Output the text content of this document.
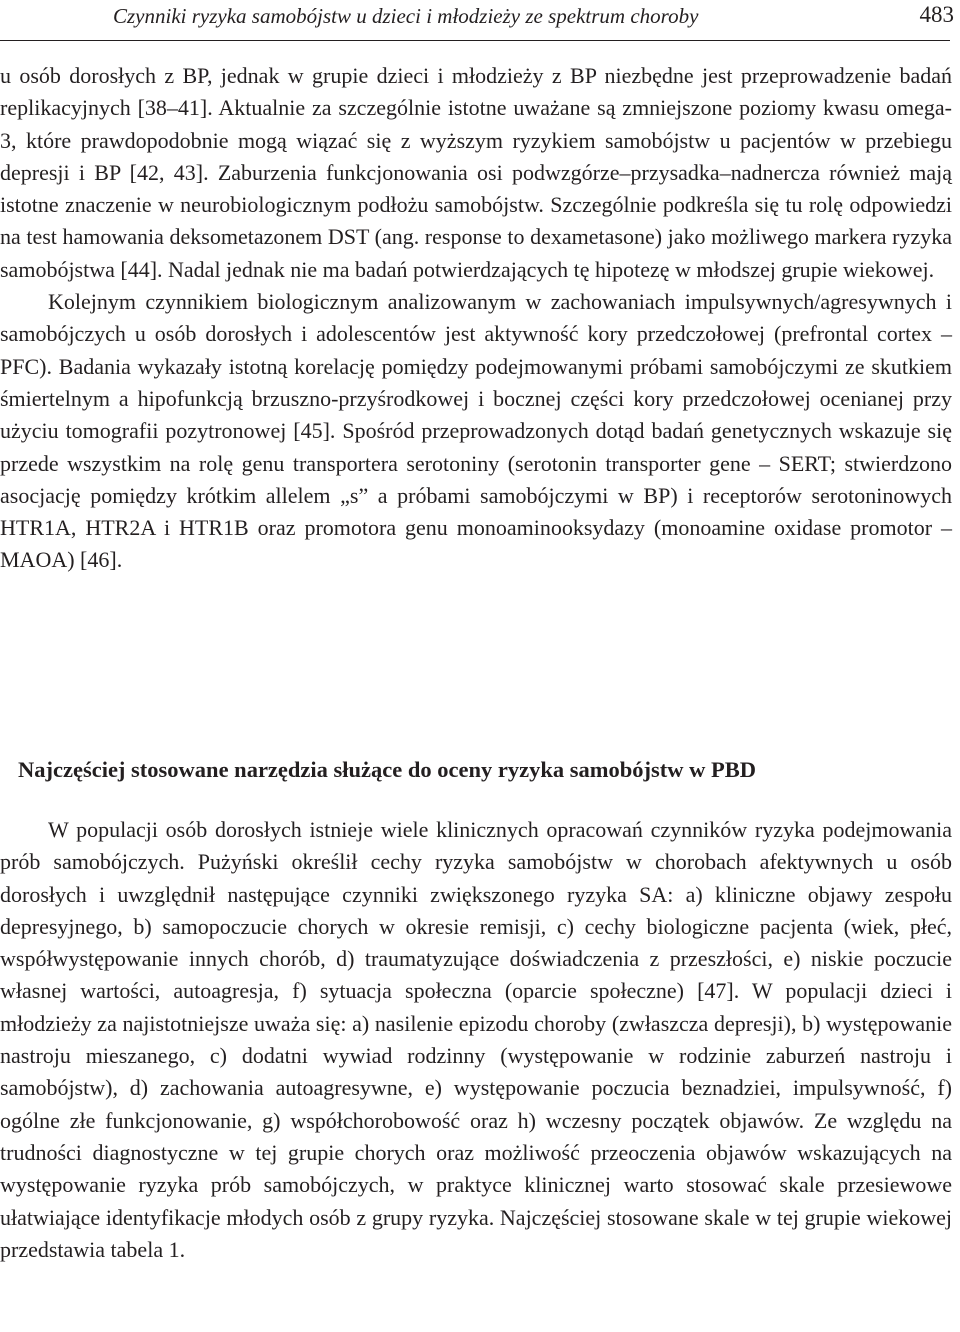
Czynniki ryzyka samobójstw u dzieci i młodzieży ze spektrum choroby	483

u osób dorosłych z BP, jednak w grupie dzieci i młodzieży z BP niezbędne jest przeprowadzenie badań replikacyjnych [38–41]. Aktualnie za szczególnie istotne uważane są zmniejszone poziomy kwasu omega-3, które prawdopodobnie mogą wiązać się z wyższym ryzykiem samobójstw u pacjentów w przebiegu depresji i BP [42, 43]. Zaburzenia funkcjonowania osi podwzgórze–przysadka–nadnercza również mają istotne znaczenie w neurobiologicznym podłożu samobójstw. Szczególnie podkreśla się tu rolę odpowiedzi na test hamowania deksometazonem DST (ang. response to dexametasone) jako możliwego markera ryzyka samobójstwa [44]. Nadal jednak nie ma badań potwierdzających tę hipotezę w młodszej grupie wiekowej.

Kolejnym czynnikiem biologicznym analizowanym w zachowaniach impulsywnych/agresywnych i samobójczych u osób dorosłych i adolescentów jest aktywność kory przedczołowej (prefrontal cortex – PFC). Badania wykazały istotną korelację pomiędzy podejmowanymi próbami samobójczymi ze skutkiem śmiertelnym a hipofunkcją brzuszno-przyśrodkowej i bocznej części kory przedczołowej ocenianej przy użyciu tomografii pozytronowej [45]. Spośród przeprowadzonych dotąd badań genetycznych wskazuje się przede wszystkim na rolę genu transportera serotoniny (serotonin transporter gene – SERT; stwierdzono asocjację pomiędzy krótkim allelem „s” a próbami samobójczymi w BP) i receptorów serotoninowych HTR1A, HTR2A i HTR1B oraz promotora genu monoaminooksydazy (monoamine oxidase promotor – MAOA) [46].

Najczęściej stosowane narzędzia służące do oceny ryzyka samobójstw w PBD

W populacji osób dorosłych istnieje wiele klinicznych opracowań czynników ryzyka podejmowania prób samobójczych. Pużyński określił cechy ryzyka samobójstw w chorobach afektywnych u osób dorosłych i uwzględnił następujące czynniki zwiększonego ryzyka SA: a) kliniczne objawy zespołu depresyjnego, b) samopoczucie chorych w okresie remisji, c) cechy biologiczne pacjenta (wiek, płeć, współwystępowanie innych chorób, d) traumatyzujące doświadczenia z przeszłości, e) niskie poczucie własnej wartości, autoagresja, f) sytuacja społeczna (oparcie społeczne) [47]. W populacji dzieci i młodzieży za najistotniejsze uważa się: a) nasilenie epizodu choroby (zwłaszcza depresji), b) występowanie nastroju mieszanego, c) dodatni wywiad rodzinny (występowanie w rodzinie zaburzeń nastroju i samobójstw), d) zachowania autoagresywne, e) występowanie poczucia beznadziei, impulsywność, f) ogólne złe funkcjonowanie, g) współchorobowość oraz h) wczesny początek objawów. Ze względu na trudności diagnostyczne w tej grupie chorych oraz możliwość przeoczenia objawów wskazujących na występowanie ryzyka prób samobójczych, w praktyce klinicznej warto stosować skale przesiewowe ułatwiające identyfikacje młodych osób z grupy ryzyka. Najczęściej stosowane skale w tej grupie wiekowej przedstawia tabela 1.
